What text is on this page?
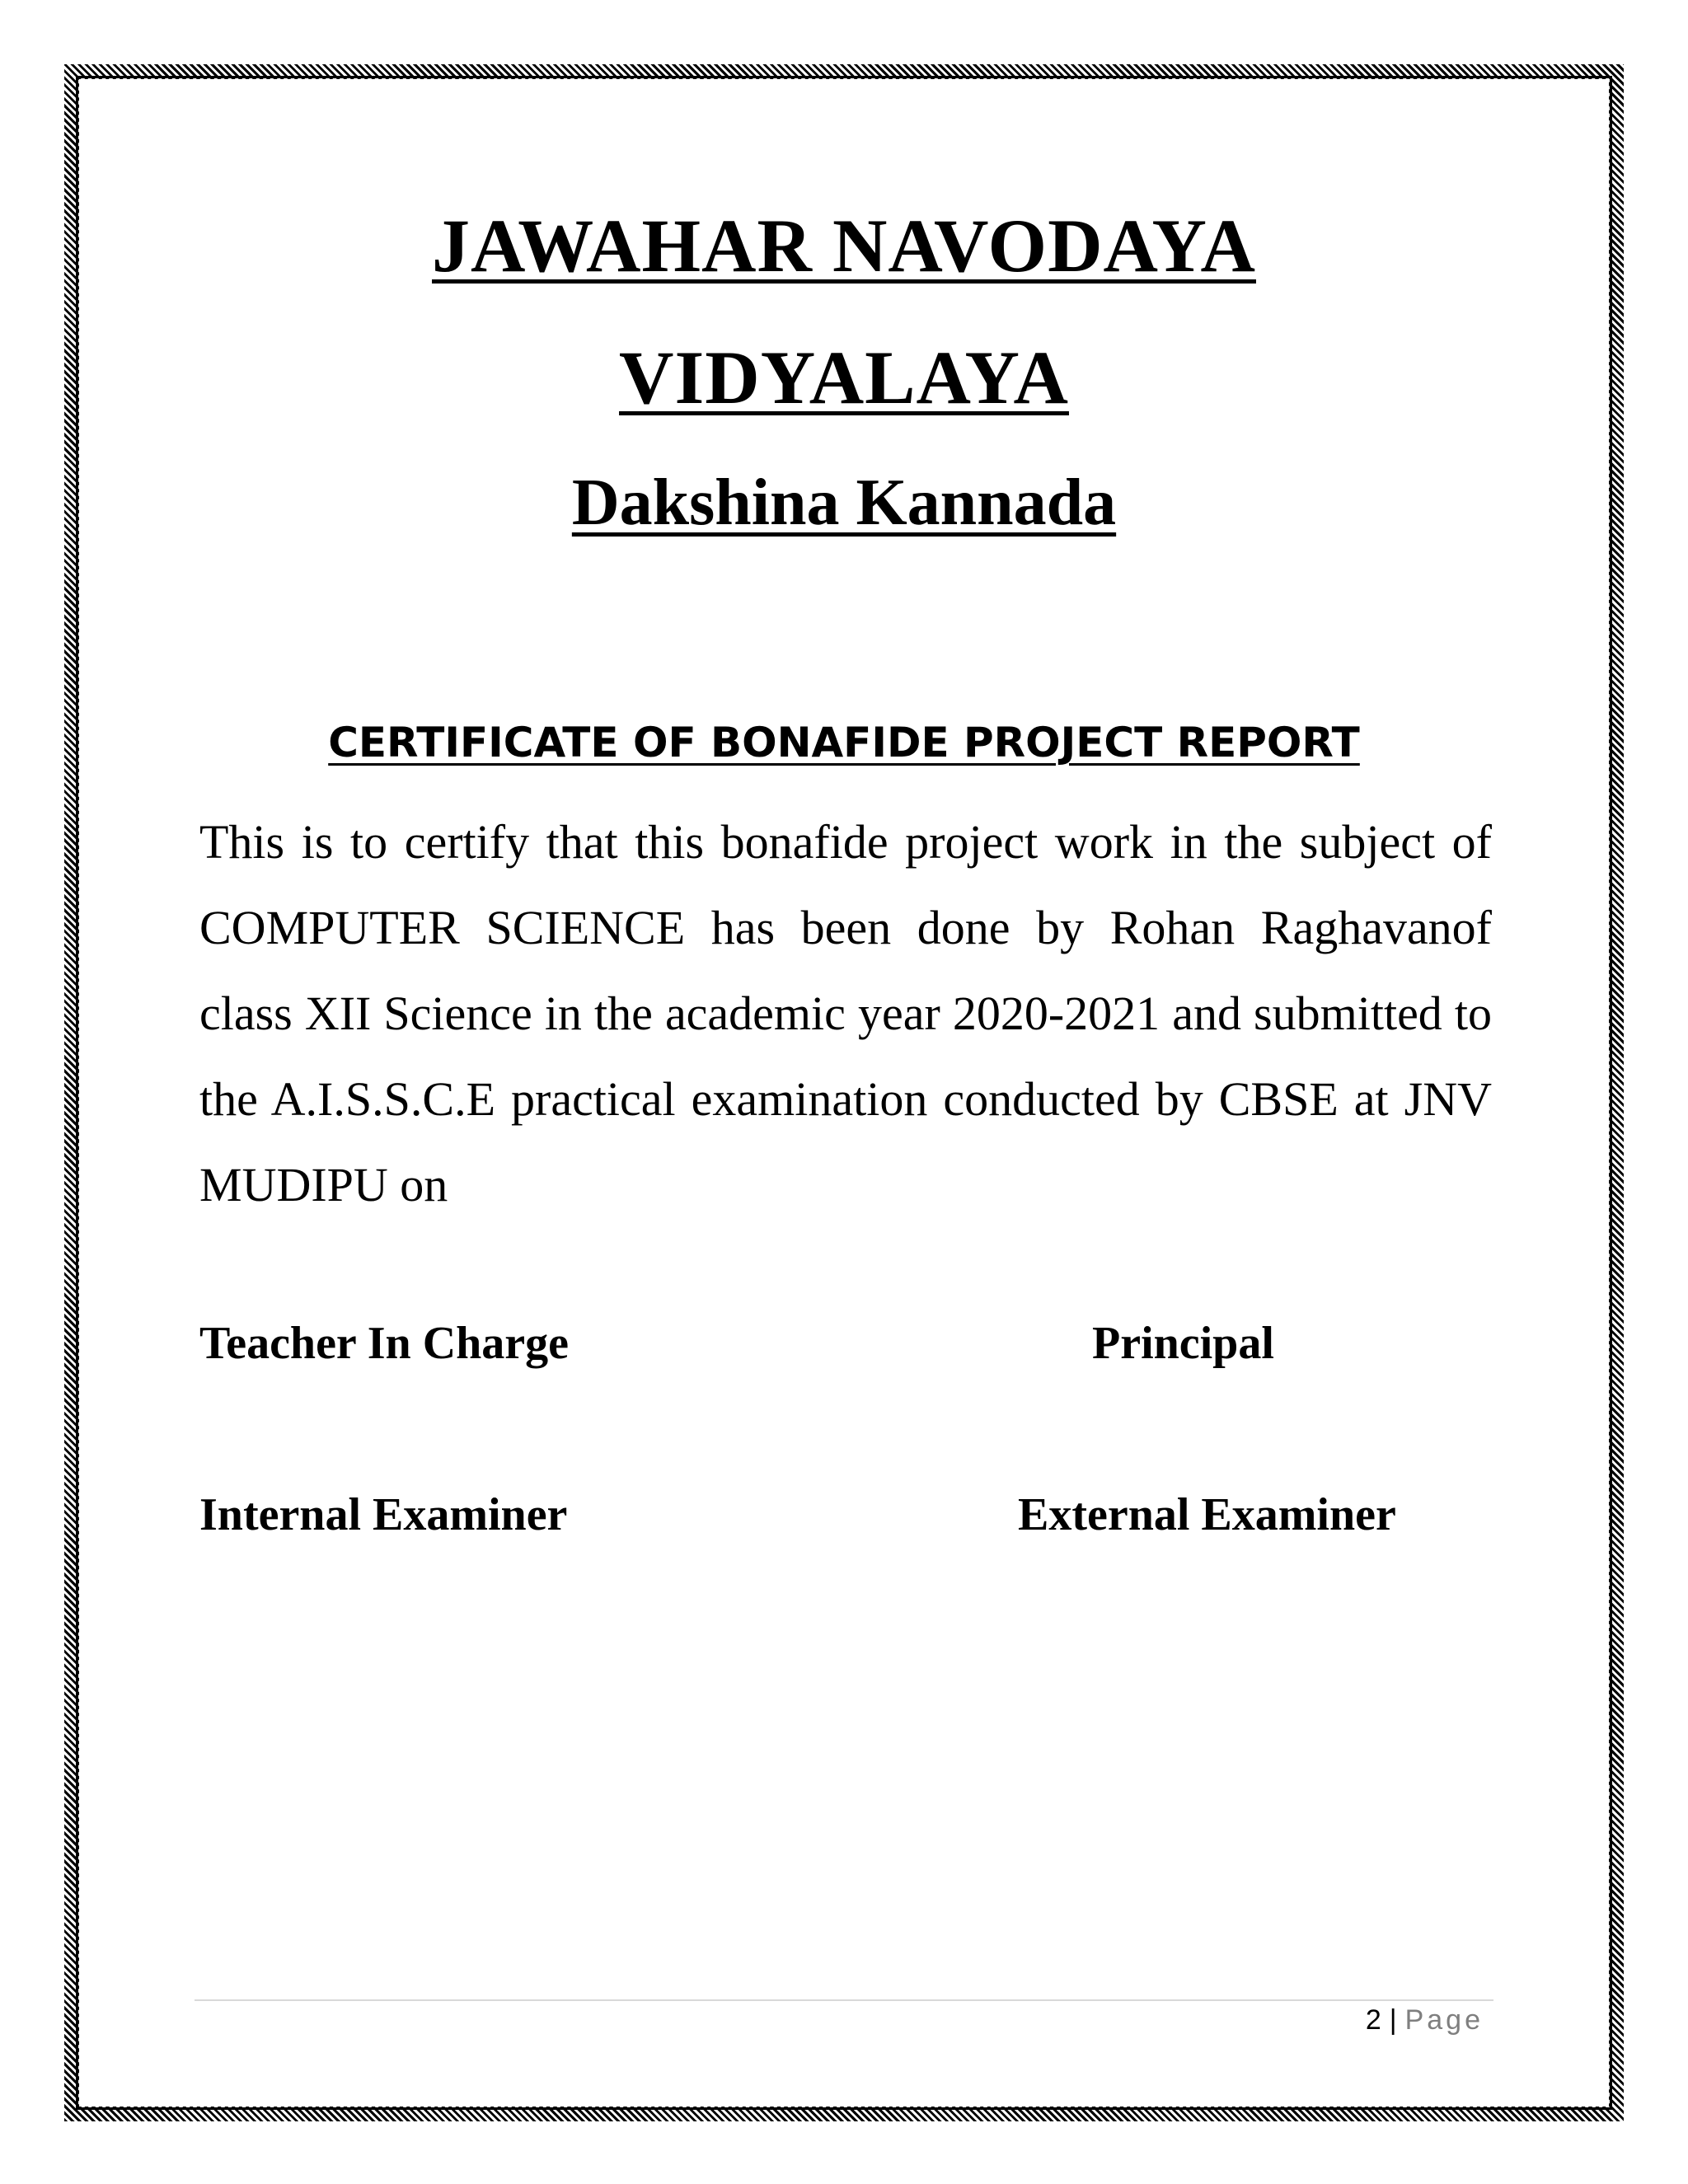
JAWAHAR NAVODAYA
VIDYALAYA
Dakshina Kannada
CERTIFICATE OF BONAFIDE PROJECT REPORT
This is to certify that this bonafide project work in the subject of COMPUTER SCIENCE has been done by Rohan Raghavanof class XII Science in the academic year 2020-2021 and submitted to the A.I.S.S.C.E practical examination conducted by CBSE at JNV MUDIPU on
Teacher In Charge	Principal
Internal Examiner	External Examiner
2 | Page
